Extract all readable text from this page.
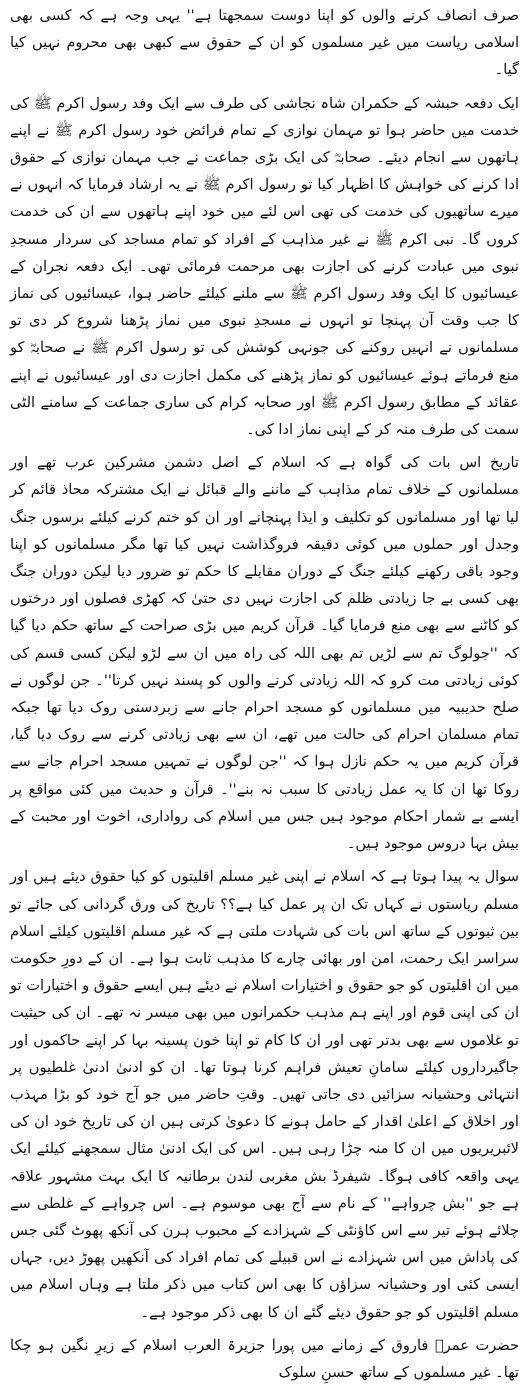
صرف انصاف کرنے والوں کو اپنا دوست سمجھتا ہے'' یہی وجہ ہے کہ کسی بھی اسلامی ریاست میں غیر مسلموں کو ان کے حقوق سے کبھی بھی محروم نہیں کیا گیا۔

ایک دفعہ حبشہ کے حکمران شاہ نجاشی کی طرف سے ایک وفد رسول اکرم ﷺ کی خدمت میں حاضر ہوا تو مہمان نوازی کے تمام فرائض خود رسول اکرم ﷺ نے اپنے ہاتھوں سے انجام دیئے۔ صحابہؓ کی ایک بڑی جماعت نے جب مہمان نوازی کے حقوق ادا کرنے کی خواہش کا اظہار کیا تو رسول اکرم ﷺ نے یہ ارشاد فرمایا کہ انہوں نے میرے ساتھیوں کی خدمت کی تھی اس لئے میں خود اپنے ہاتھوں سے ان کی خدمت کروں گا۔ نبی اکرم ﷺ نے غیر مذاہب کے افراد کو تمام مساجد کی سردار مسجدِ نبوی میں عبادت کرنے کی اجازت بھی مرحمت فرمائی تھی۔ ایک دفعہ نجران کے عیسائیوں کا ایک وفد رسول اکرم ﷺ سے ملنے کیلئے حاضر ہوا، عیسائیوں کی نماز کا جب وقت آن پہنچا تو انہوں نے مسجدِ نبوی میں نماز پڑھنا شروع کر دی تو مسلمانوں نے انہیں روکنے کی جونہی کوشش کی تو رسول اکرم ﷺ نے صحابہؓ کو منع فرماتے ہوئے عیسائیوں کو نماز پڑھنے کی مکمل اجازت دی اور عیسائیوں نے اپنے عقائد کے مطابق رسول اکرم ﷺ اور صحابہ کرام کی ساری جماعت کے سامنے الٹی سمت کی طرف منہ کر کے اپنی نماز ادا کی۔

تاریخ اس بات کی گواہ ہے کہ اسلام کے اصل دشمن مشرکین عرب تھے اور مسلمانوں کے خلاف تمام مذاہب کے ماننے والے قبائل نے ایک مشترکہ محاذ قائم کر لیا تھا اور مسلمانوں کو تکلیف و ایذا پہنچانے اور ان کو ختم کرنے کیلئے برسوں جنگ وجدل اور حملوں میں کوئی دقیقہ فروگذاشت نہیں کیا تھا مگر مسلمانوں کو اپنا وجود باقی رکھنے کیلئے جنگ کے دوران مقابلے کا حکم تو ضرور دیا لیکن دوران جنگ بھی کسی بے جا زیادتی ظلم کی اجازت نہیں دی حتیٰ کہ کھڑی فصلوں اور درختوں کو کاٹنے سے بھی منع فرمایا گیا۔ قرآن کریم میں بڑی صراحت کے ساتھ حکم دیا گیا کہ ''جولوگ تم سے لڑیں تم بھی اللہ کی راہ میں ان سے لڑو لیکن کسی قسم کی کوئی زیادتی مت کرو کہ اللہ زیادتی کرنے والوں کو پسند نہیں کرتا''۔ جن لوگوں نے صلح حدیبیہ میں مسلمانوں کو مسجد احرام جانے سے زبردستی روک دیا تھا جبکہ تمام مسلمان احرام کی حالت میں تھے، ان سے بھی زیادتی کرنے سے روک دیا گیا، قرآن کریم میں یہ حکم نازل ہوا کہ ''جن لوگوں نے تمہیں مسجد احرام جانے سے روکا تھا ان کا یہ عمل زیادتی کا سبب نہ بنے''۔ قرآن و حدیث میں کئی مواقع پر ایسے بے شمار احکام موجود ہیں جس میں اسلام کی رواداری، اخوت اور محبت کے بیش بہا دروس موجود ہیں۔

سوال یہ پیدا ہوتا ہے کہ اسلام نے اپنی غیر مسلم اقلیتوں کو کیا حقوق دیئے ہیں اور مسلم ریاستوں نے کہاں تک ان پر عمل کیا ہے؟؟ تاریخ کی ورق گردانی کی جائے تو بین ثبوتوں کے ساتھ اس بات کی شہادت ملتی ہے کہ غیر مسلم اقلیتوں کیلئے اسلام سراسر ایک رحمت، امن اور بھائی چارے کا مذہب ثابت ہوا ہے۔ ان کے دورِ حکومت میں ان اقلیتوں کو جو حقوق و اختیارات اسلام نے دیئے ہیں ایسے حقوق و اختیارات تو ان کی اپنی قوم اور اپنے ہم مذہب حکمرانوں میں بھی میسر نہ تھے۔ ان کی حیثیت تو غلاموں سے بھی بدتر تھی اور ان کا کام تو اپنا خون پسینہ بہا کر اپنے حاکموں اور جاگیرداروں کیلئے سامانِ تعیش فراہم کرنا ہوتا تھا۔ ان کو ادنیٰ ادنیٰ غلطیوں پر انتہائی وحشیانہ سزائیں دی جاتی تھیں۔ وقتِ حاضر میں جو آج خود کو بڑا مہذب اور اخلاق کے اعلیٰ اقدار کے حامل ہونے کا دعویٰ کرتی ہیں ان کی تاریخ خود ان کی لائبریریوں میں ان کا منہ چڑا رہی ہیں۔ اس کی ایک ادنیٰ مثال سمجھنے کیلئے ایک یہی واقعہ کافی ہوگا۔ شیفرڈ بش مغربی لندن برطانیہ کا ایک بہت مشہور علاقہ ہے جو ''بش چرواہے'' کے نام سے آج بھی موسوم ہے۔ اس چرواہے کے غلطی سے چلائے ہوئے تیر سے اس کاؤنٹی کے شہزادے کے محبوب ہرن کی آنکھ پھوٹ گئی جس کی پاداش میں اس شہزادے نے اس قبیلے کی تمام افراد کی آنکھیں پھوڑ دیں، جہاں ایسی کئی اور وحشیانہ سزاؤں کا بھی اس کتاب میں ذکر ملتا ہے وہاں اسلام میں مسلم اقلیتوں کو جو حقوق دیئے گئے ان کا بھی ذکر موجود ہے۔

حضرت عمرؓ فاروق کے زمانے میں پورا جزیرۃ العرب اسلام کے زیرِ نگین ہو چکا تھا۔ غیر مسلموں کے ساتھ حسنِ سلوک
